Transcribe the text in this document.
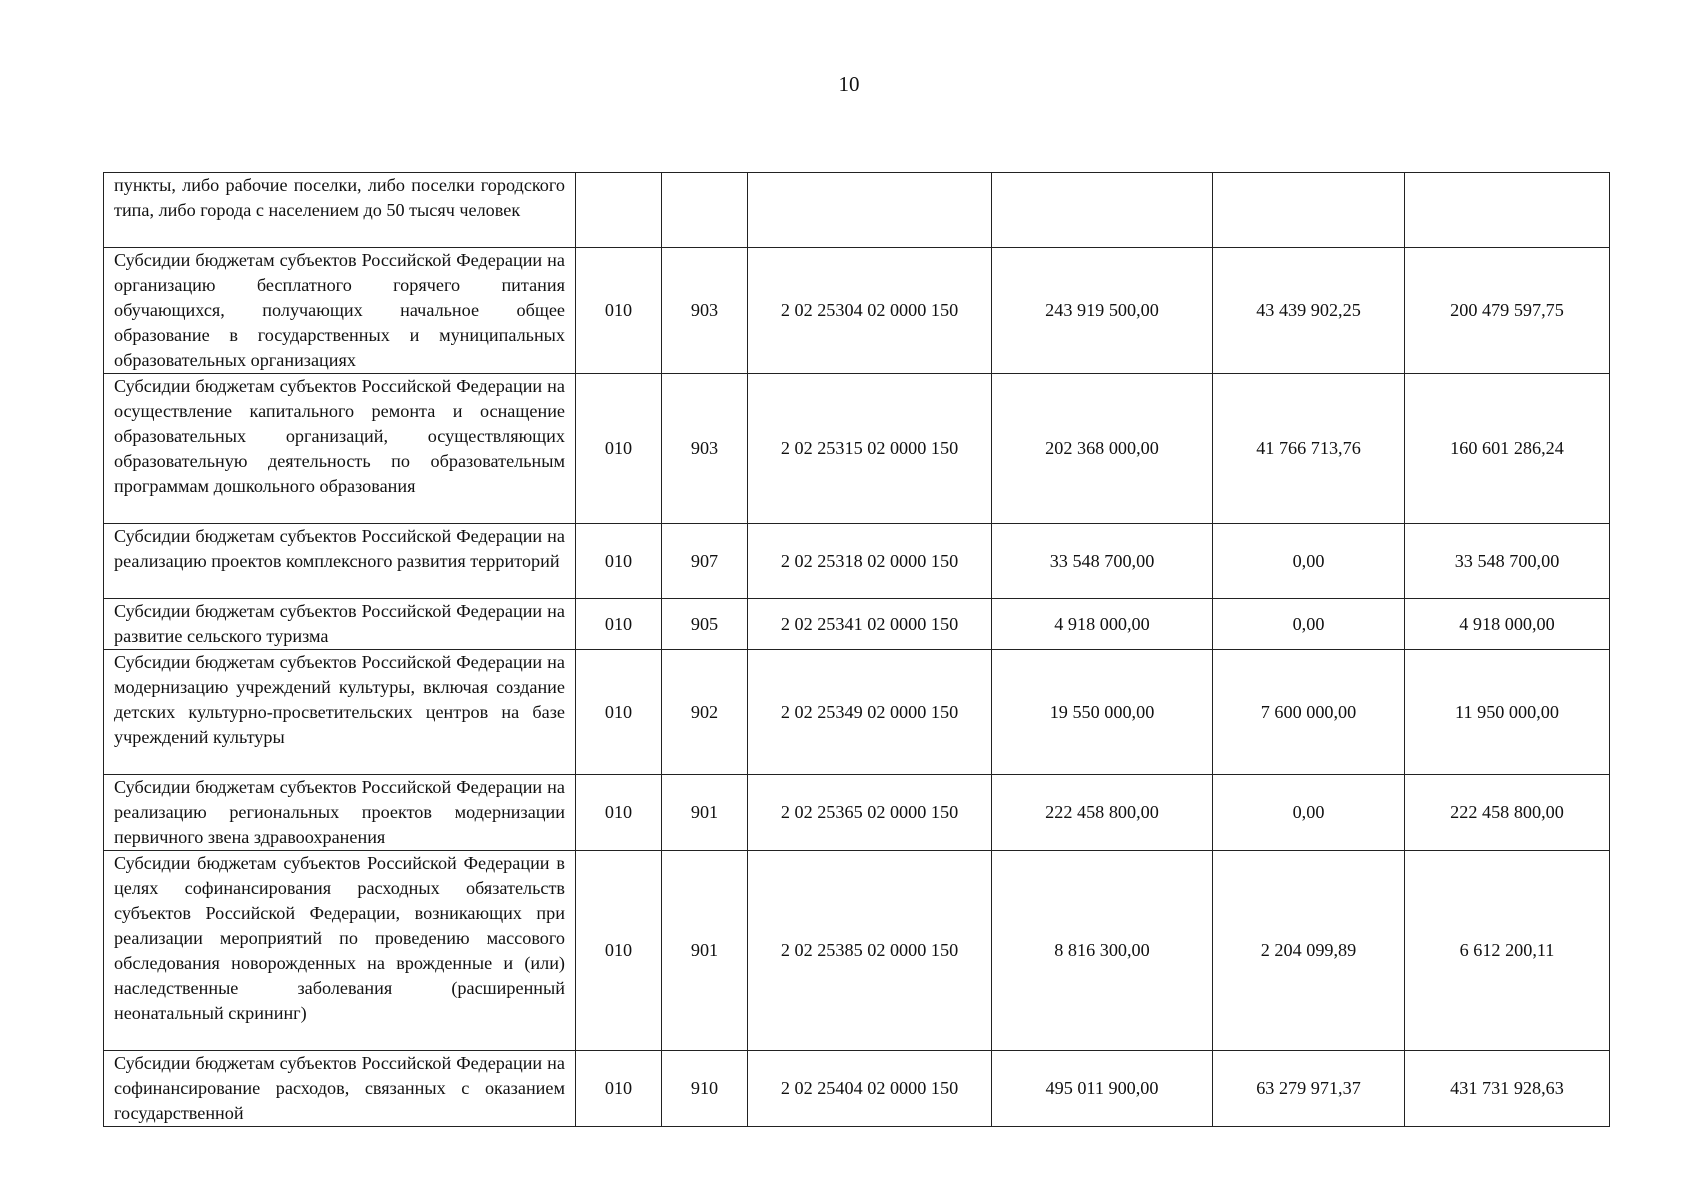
10
пункты, либо рабочие поселки, либо поселки городского типа, либо города с населением до 50 тысяч человек						
Субсидии бюджетам субъектов Российской Федерации на организацию бесплатного горячего питания обучающихся, получающих начальное общее образование в государственных и муниципальных образовательных организациях	010	903	2 02 25304 02 0000 150	243 919 500,00	43 439 902,25	200 479 597,75
Субсидии бюджетам субъектов Российской Федерации на осуществление капитального ремонта и оснащение образовательных организаций, осуществляющих образовательную деятельность по образовательным программам дошкольного образования	010	903	2 02 25315 02 0000 150	202 368 000,00	41 766 713,76	160 601 286,24
Субсидии бюджетам субъектов Российской Федерации на реализацию проектов комплексного развития территорий	010	907	2 02 25318 02 0000 150	33 548 700,00	0,00	33 548 700,00
Субсидии бюджетам субъектов Российской Федерации на развитие сельского туризма	010	905	2 02 25341 02 0000 150	4 918 000,00	0,00	4 918 000,00
Субсидии бюджетам субъектов Российской Федерации на модернизацию учреждений культуры, включая создание детских культурно-просветительских центров на базе учреждений культуры	010	902	2 02 25349 02 0000 150	19 550 000,00	7 600 000,00	11 950 000,00
Субсидии бюджетам субъектов Российской Федерации на реализацию региональных проектов модернизации первичного звена здравоохранения	010	901	2 02 25365 02 0000 150	222 458 800,00	0,00	222 458 800,00
Субсидии бюджетам субъектов Российской Федерации в целях софинансирования расходных обязательств субъектов Российской Федерации, возникающих при реализации мероприятий по проведению массового обследования новорожденных на врожденные и (или) наследственные заболевания (расширенный неонатальный скрининг)	010	901	2 02 25385 02 0000 150	8 816 300,00	2 204 099,89	6 612 200,11
Субсидии бюджетам субъектов Российской Федерации на софинансирование расходов, связанных с оказанием государственной	010	910	2 02 25404 02 0000 150	495 011 900,00	63 279 971,37	431 731 928,63
